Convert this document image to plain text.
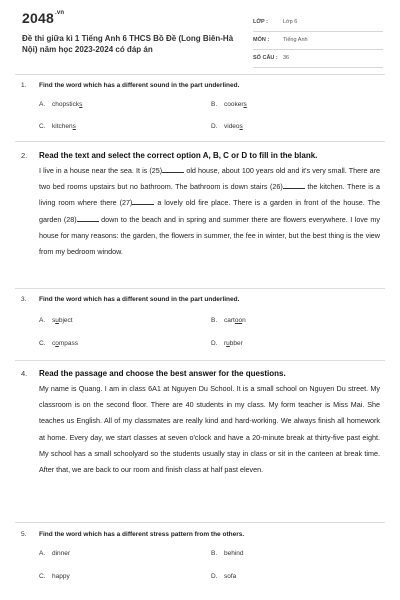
$2048^{.vn}$
Đề thi giữa kì 1 Tiếng Anh 6 THCS Bồ Đề (Long Biên-Hà Nội) năm học 2023-2024 có đáp án
LỚP :	Lớp 6
MÔN :	Tiếng Anh
SỐ CÂU : 36
1. Find the word which has a different sound in the part underlined.
A. chopsticks	B. cookers
C. kitchens	D. videos
2. Read the text and select the correct option A, B, C or D to fill in the blank.
I live in a house near the sea. It is (25)	old house, about 100 years old and it's very small. There are two bed rooms upstairs but no bathroom. The bathroom is down stairs (26)	the kitchen. There is a living room where there (27)	a lovely old fire place. There is a garden in front of the house. The garden (28)	down to the beach and in spring and summer there are flowers everywhere. I love my house for many reasons: the garden, the flowers in summer, the fee in winter, but the best thing is the view from my bedroom window.
3. Find the word which has a different sound in the part underlined.
A. subject	B. cartoon
C. compass	D. rubber
4. Read the passage and choose the best answer for the questions.
My name is Quang. I am in class 6A1 at Nguyen Du School. It is a small school on Nguyen Du street. My classroom is on the second floor. There are 40 students in my class. My form teacher is Miss Mai. She teaches us English. All of my classmates are really kind and hard-working. We always finish all homework at home. Every day, we start classes at seven o'clock and have a 20-minute break at thirty-five past eight. My school has a small schoolyard so the students usually stay in class or sit in the canteen at break time. After that, we are back to our room and finish class at half past eleven.
5. Find the word which has a different stress pattern from the others.
A. dinner	B. behind
C. happy	D. sofa
